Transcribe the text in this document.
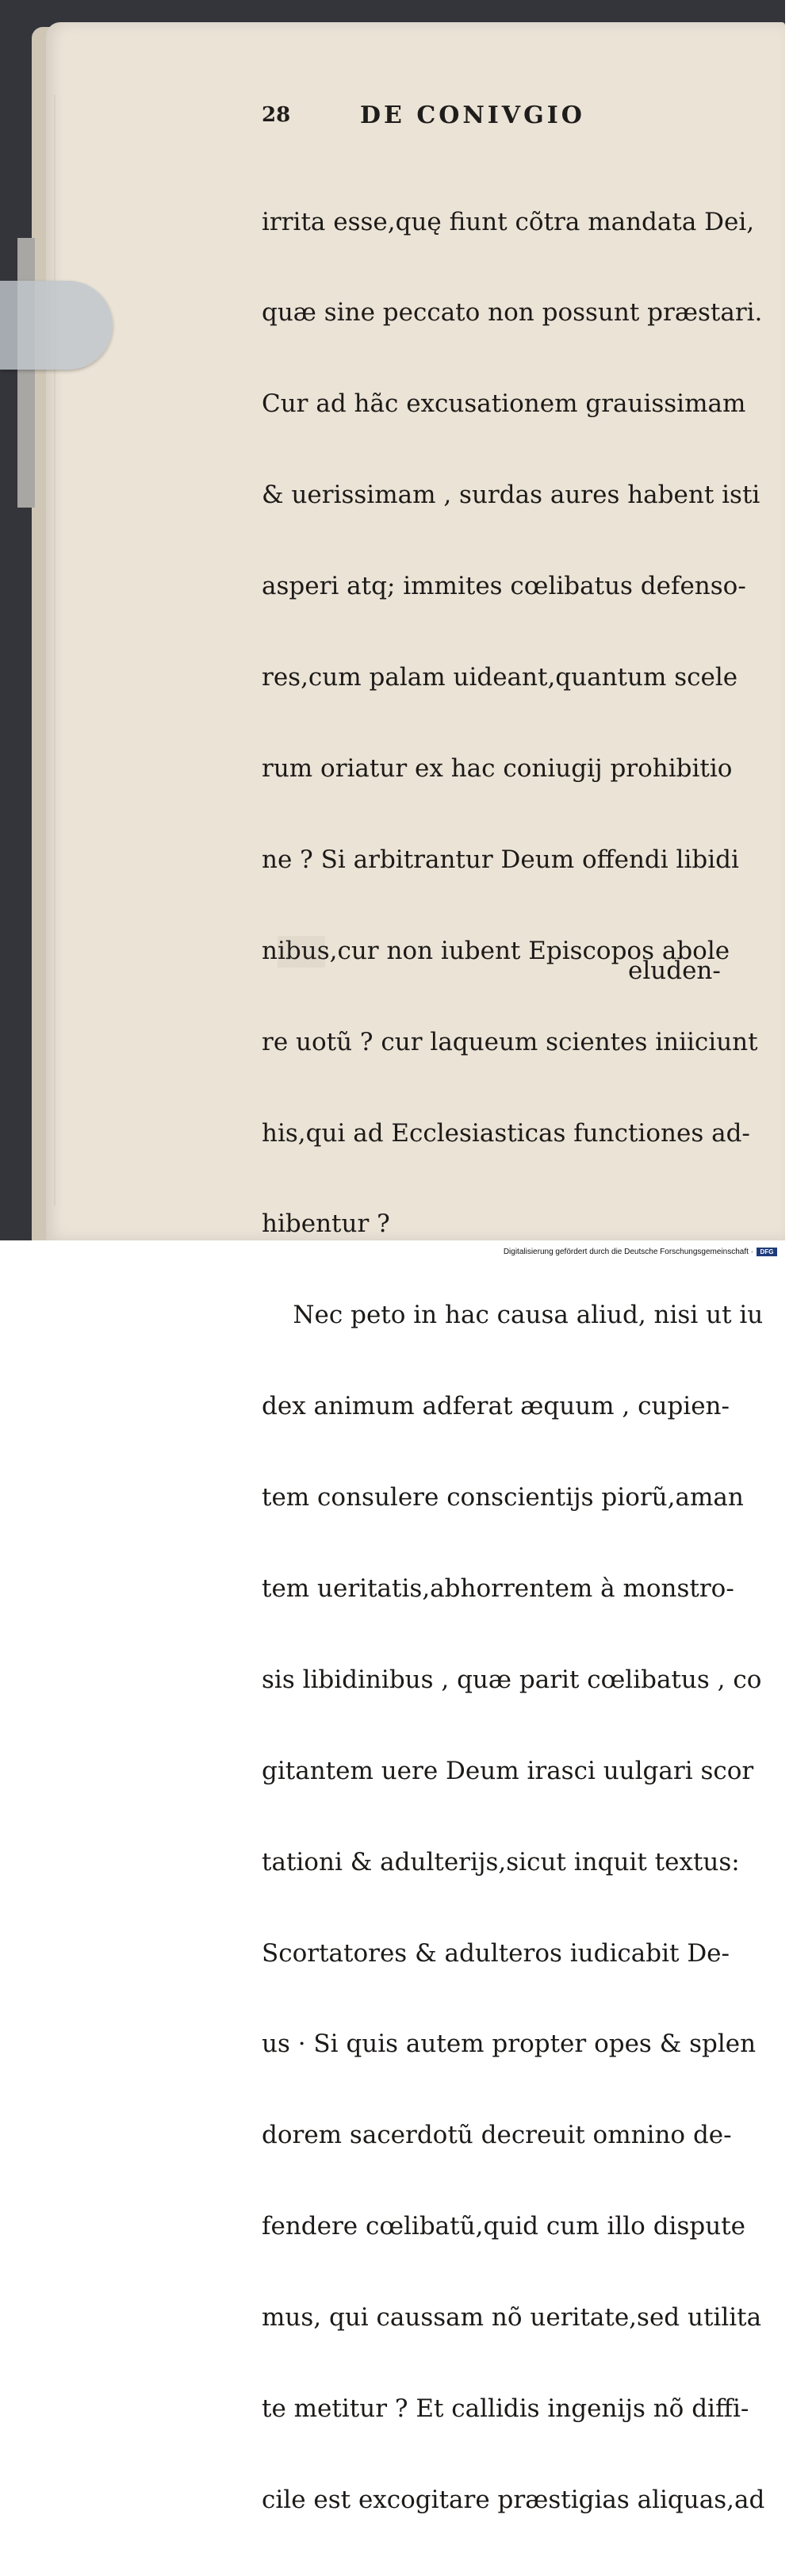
28	DE CONIVGIO

irrita esse,quę fiunt cõtra mandata Dei,

quæ sine peccato non possunt præstari.

Cur ad hãc excusationem grauissimam

& uerissimam , surdas aures habent isti

asperi atq; immites cœlibatus defenso-

res,cum palam uideant,quantum scele

rum oriatur ex hac coniugij prohibitio

ne ? Si arbitrantur Deum offendi libidi

nibus,cur non iubent Episcopos abole

re uotũ ? cur laqueum scientes iniiciunt

his,qui ad Ecclesiasticas functiones ad-

hibentur ?

Nec peto in hac causa aliud, nisi ut iu

dex animum adferat æquum , cupien-

tem consulere conscientijs piorũ,aman

tem ueritatis,abhorrentem à monstro-

sis libidinibus , quæ parit cœlibatus , co

gitantem uere Deum irasci uulgari scor

tationi & adulterijs,sicut inquit textus:

Scortatores & adulteros iudicabit De-

us · Si quis autem propter opes & splen

dorem sacerdotũ decreuit omnino de-

fendere cœlibatũ,quid cum illo dispute

mus, qui caussam nõ ueritate,sed utilita

te metitur ? Et callidis ingenijs nõ diffi-

cile est excogitare præstigias aliquas,ad

eluden-
Digitalisierung gefördert durch die Deutsche Forschungsgemeinschaft ·	DFG
